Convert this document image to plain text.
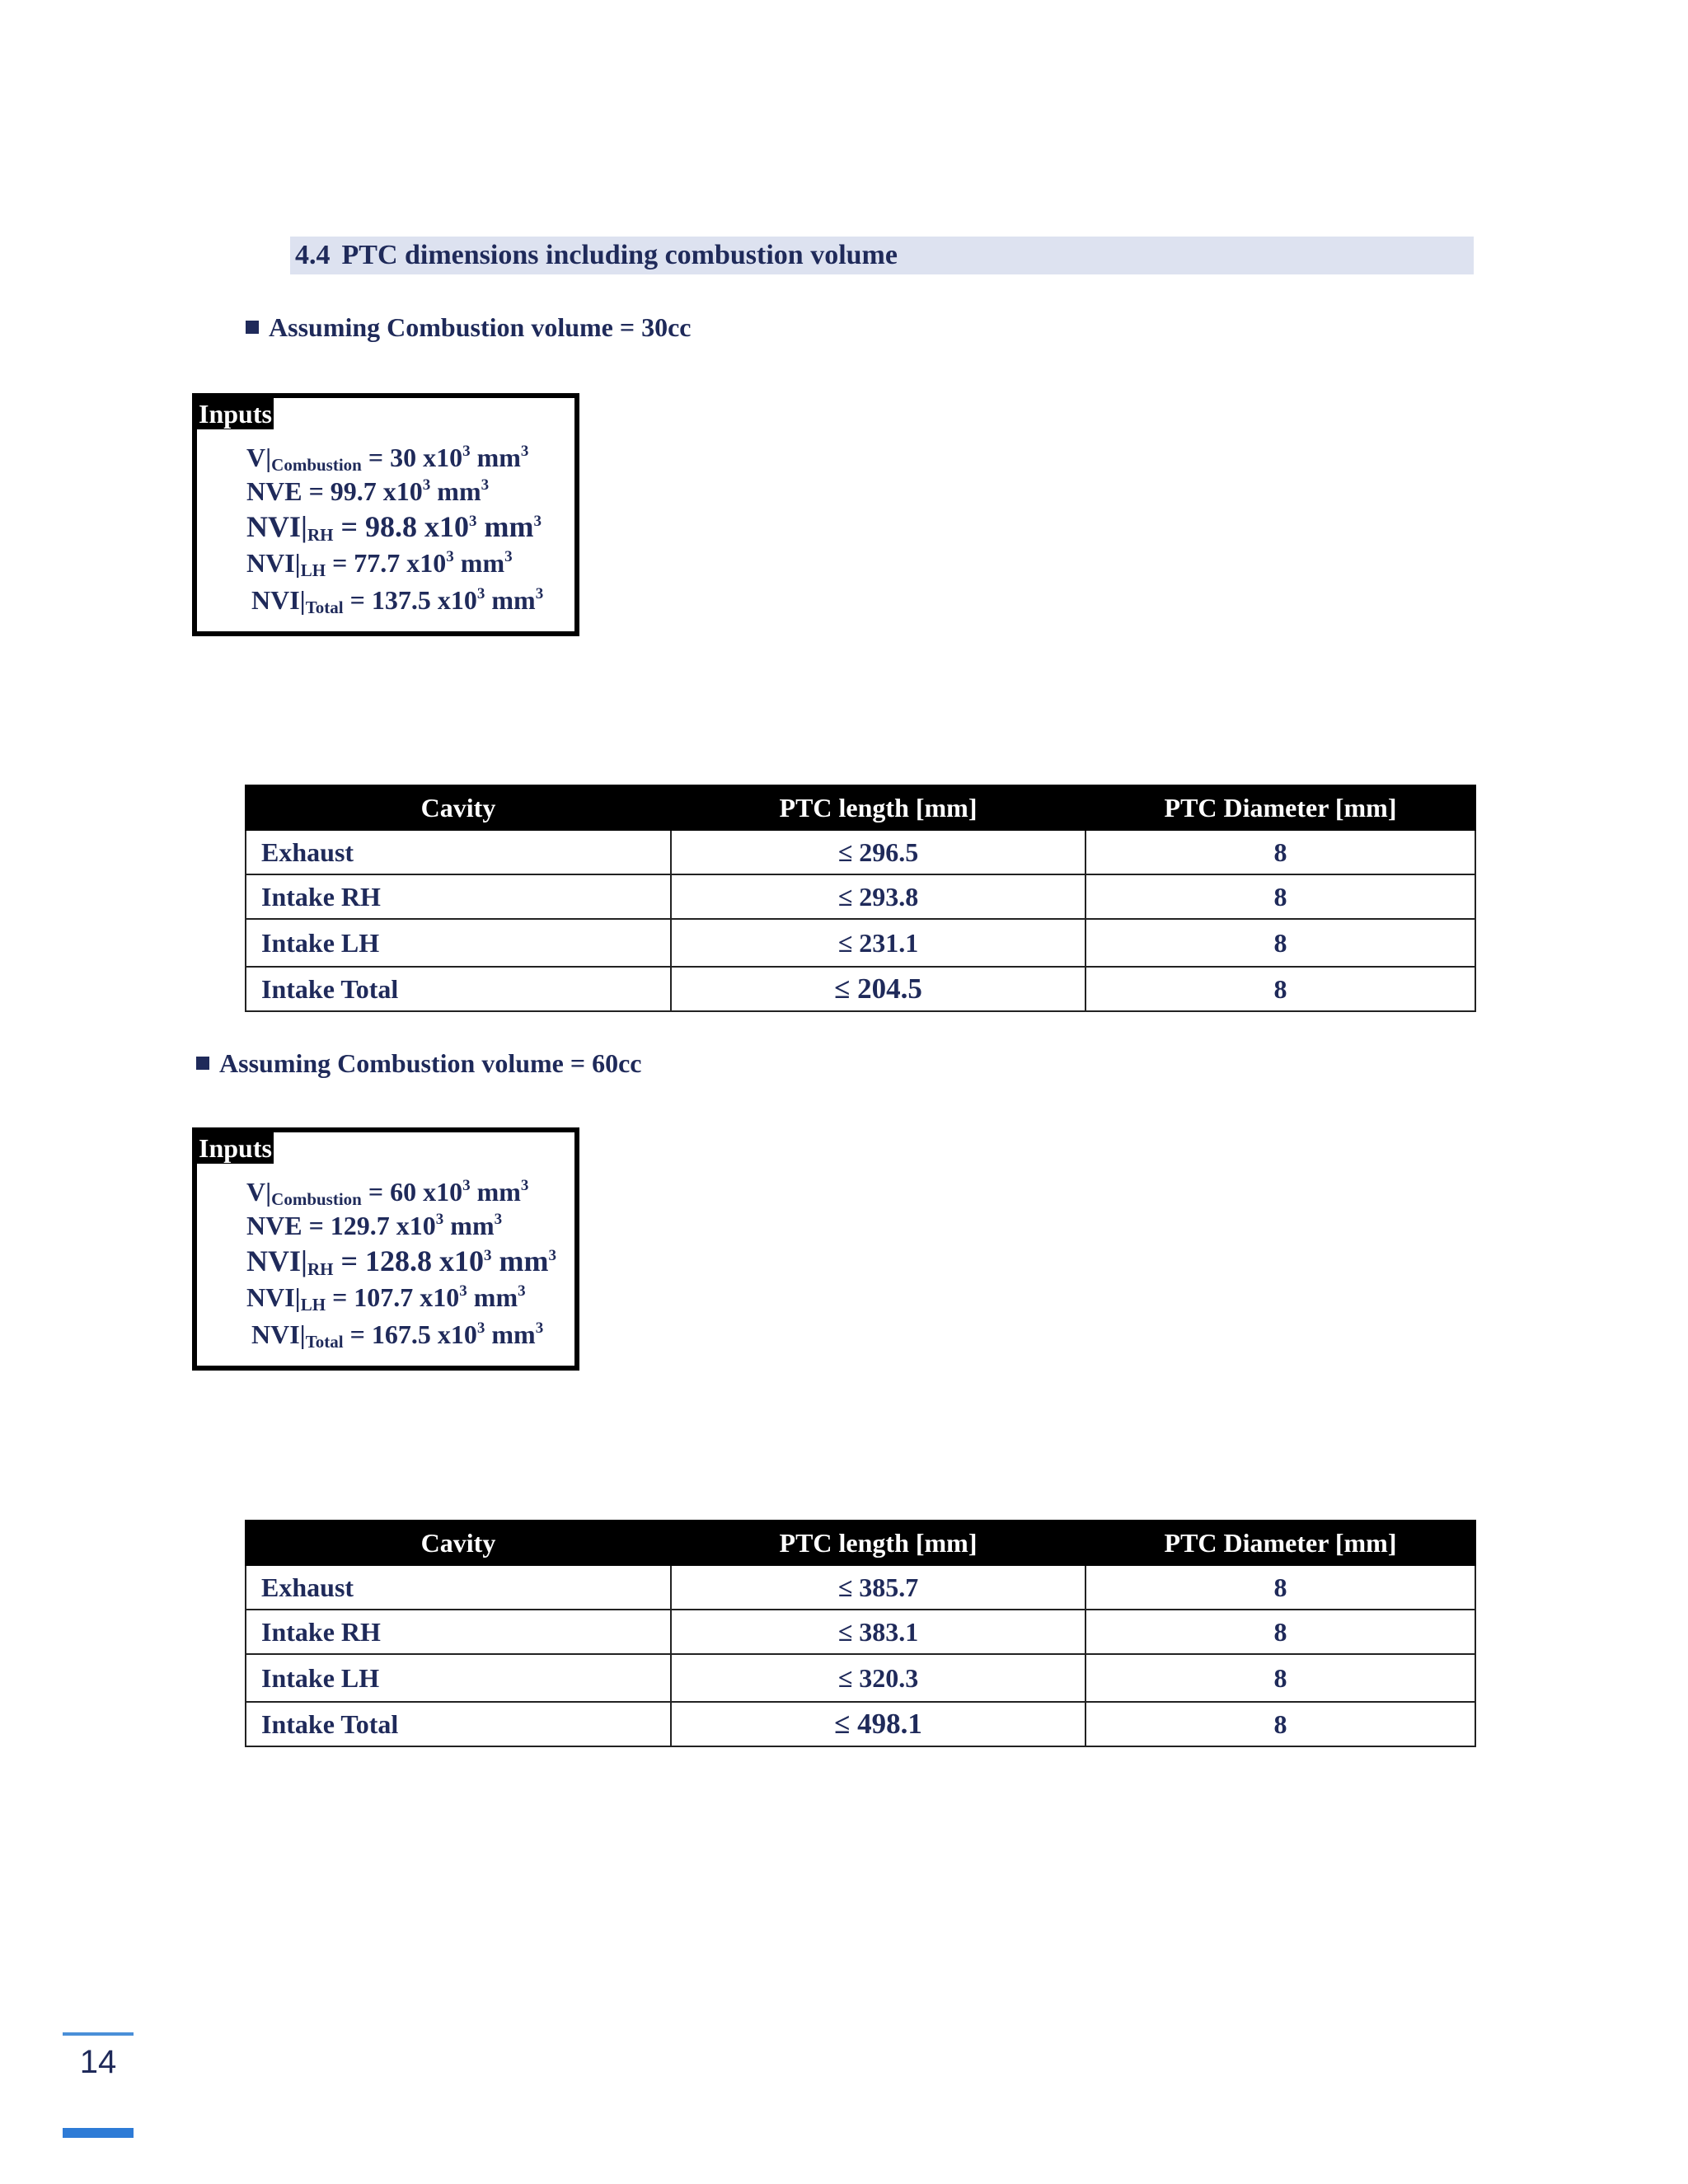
4.4 PTC dimensions including combustion volume
Assuming Combustion volume = 30cc
Inputs
$V|_{Combustion} = 30$ $x10^3$ $mm^3$
NVE = 99.7 $x10^3$ $mm^3$
$NVI|_{RH} = 98.8$ $x10^3$ $mm^3$
$NVI|_{LH} = 77.7$ $x10^3$ $mm^3$
$NVI|_{Total} = 137.5$ $x10^3$ $mm^3$
Cavity	PTC length [mm]	PTC Diameter [mm]
Exhaust	≤ 296.5	8
Intake RH	≤ 293.8	8
Intake LH	≤ 231.1	8
Intake Total	≤ 204.5	8
Assuming Combustion volume = 60cc
Inputs
$V|_{Combustion} = 60$ $x10^3$ $mm^3$
NVE = 129.7 $x10^3$ $mm^3$
$NVI|_{RH} = 128.8$ $x10^3$ $mm^3$
$NVI|_{LH} = 107.7$ $x10^3$ $mm^3$
$NVI|_{Total} = 167.5$ $x10^3$ $mm^3$
Cavity	PTC length [mm]	PTC Diameter [mm]
Exhaust	≤ 385.7	8
Intake RH	≤ 383.1	8
Intake LH	≤ 320.3	8
Intake Total	≤ 498.1	8
14
